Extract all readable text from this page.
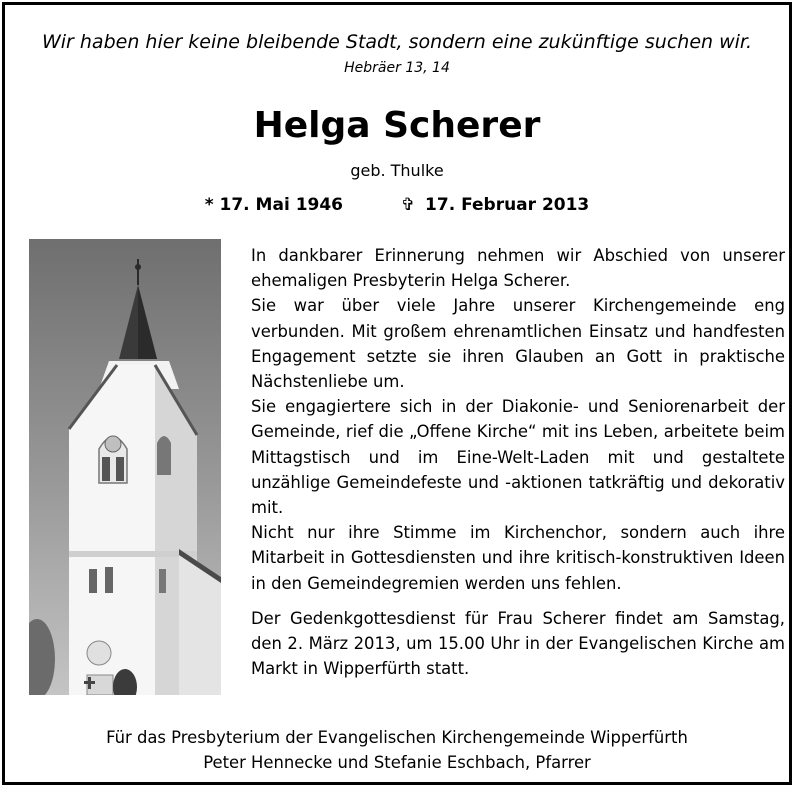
Wir haben hier keine bleibende Stadt, sondern eine zukünftige suchen wir.
Hebräer 13, 14
Helga Scherer
geb. Thulke
* 17. Mai 1946	✞ 17. Februar 2013

In dankbarer Erinnerung nehmen wir Abschied von unserer ehemaligen Presbyterin Helga Scherer.

Sie war über viele Jahre unserer Kirchengemeinde eng verbunden. Mit großem ehrenamtlichen Einsatz und handfesten Engagement setzte sie ihren Glauben an Gott in praktische Nächstenliebe um.

Sie engagiertere sich in der Diakonie- und Seniorenarbeit der Gemeinde, rief die „Offene Kirche“ mit ins Leben, arbeitete beim Mittagstisch und im Eine-Welt-Laden mit und gestaltete unzählige Gemeindefeste und -aktionen tatkräftig und dekorativ mit.

Nicht nur ihre Stimme im Kirchenchor, sondern auch ihre Mitarbeit in Gottesdiensten und ihre kritisch-konstruktiven Ideen in den Gemeindegremien werden uns fehlen.

Der Gedenkgottesdienst für Frau Scherer findet am Samstag, den 2. März 2013, um 15.00 Uhr in der Evangelischen Kirche am Markt in Wipperfürth statt.

Für das Presbyterium der Evangelischen Kirchengemeinde Wipperfürth
Peter Hennecke und Stefanie Eschbach, Pfarrer
